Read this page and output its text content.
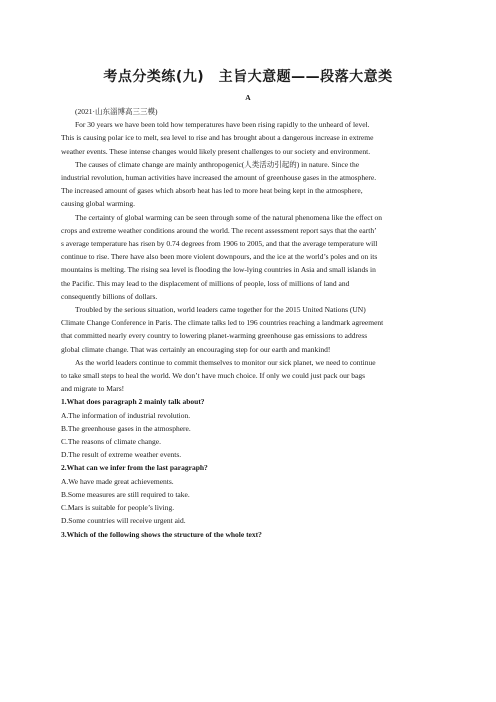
考点分类练(九)　主旨大意题——段落大意类
A
(2021·山东淄博高三三模)

For 30 years we have been told how temperatures have been rising rapidly to the unheard of level.

This is causing polar ice to melt, sea level to rise and has brought about a dangerous increase in extreme

weather events. These intense changes would likely present challenges to our society and environment.

The causes of climate change are mainly anthropogenic(人类活动引起的) in nature. Since the

industrial revolution, human activities have increased the amount of greenhouse gases in the atmosphere.

The increased amount of gases which absorb heat has led to more heat being kept in the atmosphere,

causing global warming.

The certainty of global warming can be seen through some of the natural phenomena like the effect on

crops and extreme weather conditions around the world. The recent assessment report says that the earth’

s average temperature has risen by 0.74 degrees from 1906 to 2005, and that the average temperature will

continue to rise. There have also been more violent downpours, and the ice at the world’s poles and on its

mountains is melting. The rising sea level is flooding the low-lying countries in Asia and small islands in

the Pacific. This may lead to the displacement of millions of people, loss of millions of land and

consequently billions of dollars.

Troubled by the serious situation, world leaders came together for the 2015 United Nations (UN)

Climate Change Conference in Paris. The climate talks led to 196 countries reaching a landmark agreement

that committed nearly every country to lowering planet-warming greenhouse gas emissions to address

global climate change. That was certainly an encouraging step for our earth and mankind!

As the world leaders continue to commit themselves to monitor our sick planet, we need to continue

to take small steps to heal the world. We don’t have much choice. If only we could just pack our bags

and migrate to Mars!

1.What does paragraph 2 mainly talk about?

A.The information of industrial revolution.

B.The greenhouse gases in the atmosphere.

C.The reasons of climate change.

D.The result of extreme weather events.

2.What can we infer from the last paragraph?

A.We have made great achievements.

B.Some measures are still required to take.

C.Mars is suitable for people’s living.

D.Some countries will receive urgent aid.

3.Which of the following shows the structure of the whole text?
